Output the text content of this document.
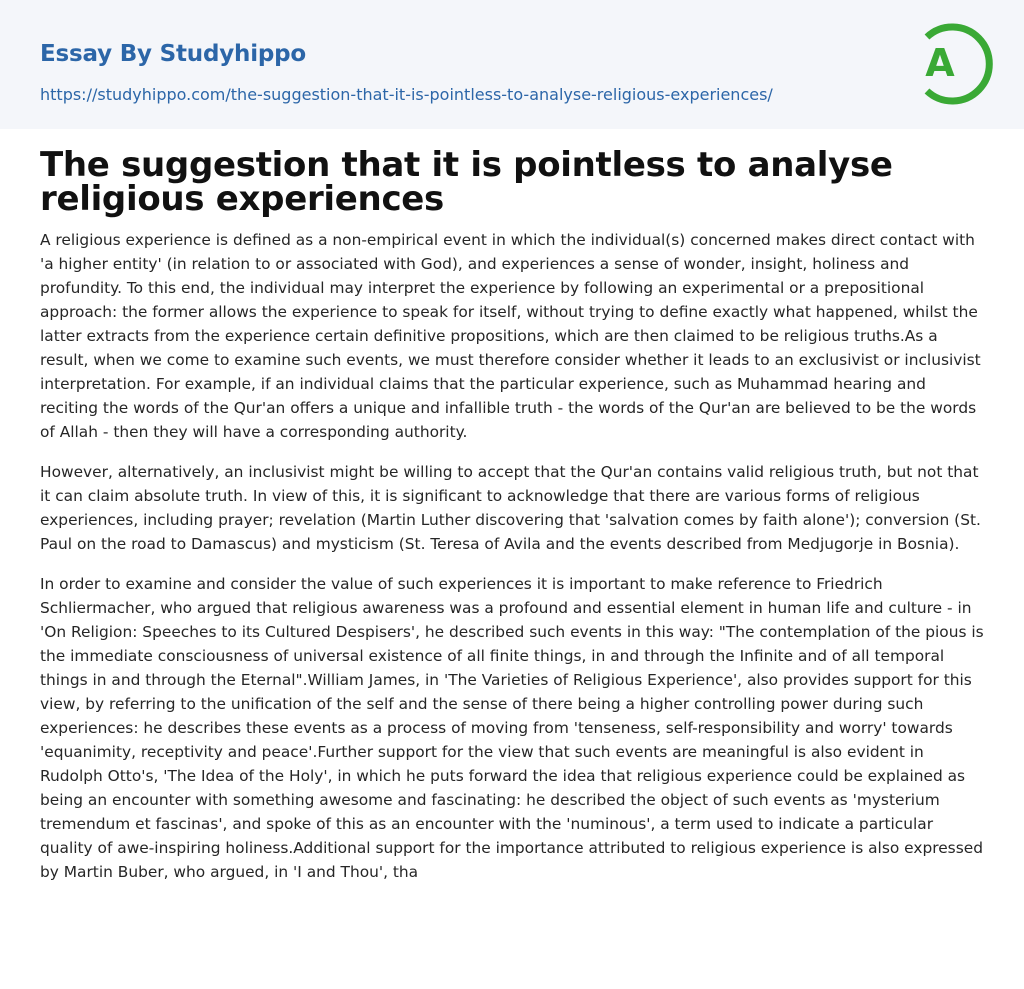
Essay By Studyhippo
https://studyhippo.com/the-suggestion-that-it-is-pointless-to-analyse-religious-experiences/
A
The suggestion that it is pointless to analyse religious experiences

A religious experience is defined as a non-empirical event in which the individual(s) concerned makes direct contact with 'a higher entity' (in relation to or associated with God), and experiences a sense of wonder, insight, holiness and profundity. To this end, the individual may interpret the experience by following an experimental or a prepositional approach: the former allows the experience to speak for itself, without trying to define exactly what happened, whilst the latter extracts from the experience certain definitive propositions, which are then claimed to be religious truths.As a result, when we come to examine such events, we must therefore consider whether it leads to an exclusivist or inclusivist interpretation. For example, if an individual claims that the particular experience, such as Muhammad hearing and reciting the words of the Qur'an offers a unique and infallible truth - the words of the Qur'an are believed to be the words of Allah - then they will have a corresponding authority.

However, alternatively, an inclusivist might be willing to accept that the Qur'an contains valid religious truth, but not that it can claim absolute truth. In view of this, it is significant to acknowledge that there are various forms of religious experiences, including prayer; revelation (Martin Luther discovering that 'salvation comes by faith alone'); conversion (St. Paul on the road to Damascus) and mysticism (St. Teresa of Avila and the events described from Medjugorje in Bosnia).

In order to examine and consider the value of such experiences it is important to make reference to Friedrich Schliermacher, who argued that religious awareness was a profound and essential element in human life and culture - in 'On Religion: Speeches to its Cultured Despisers', he described such events in this way: "The contemplation of the pious is the immediate consciousness of universal existence of all finite things, in and through the Infinite and of all temporal things in and through the Eternal".William James, in 'The Varieties of Religious Experience', also provides support for this view, by referring to the unification of the self and the sense of there being a higher controlling power during such experiences: he describes these events as a process of moving from 'tenseness, self-responsibility and worry' towards 'equanimity, receptivity and peace'.Further support for the view that such events are meaningful is also evident in Rudolph Otto's, 'The Idea of the Holy', in which he puts forward the idea that religious experience could be explained as being an encounter with something awesome and fascinating: he described the object of such events as 'mysterium tremendum et fascinas', and spoke of this as an encounter with the 'numinous', a term used to indicate a particular quality of awe-inspiring holiness.Additional support for the importance attributed to religious experience is also expressed by Martin Buber, who argued, in 'I and Thou', tha
